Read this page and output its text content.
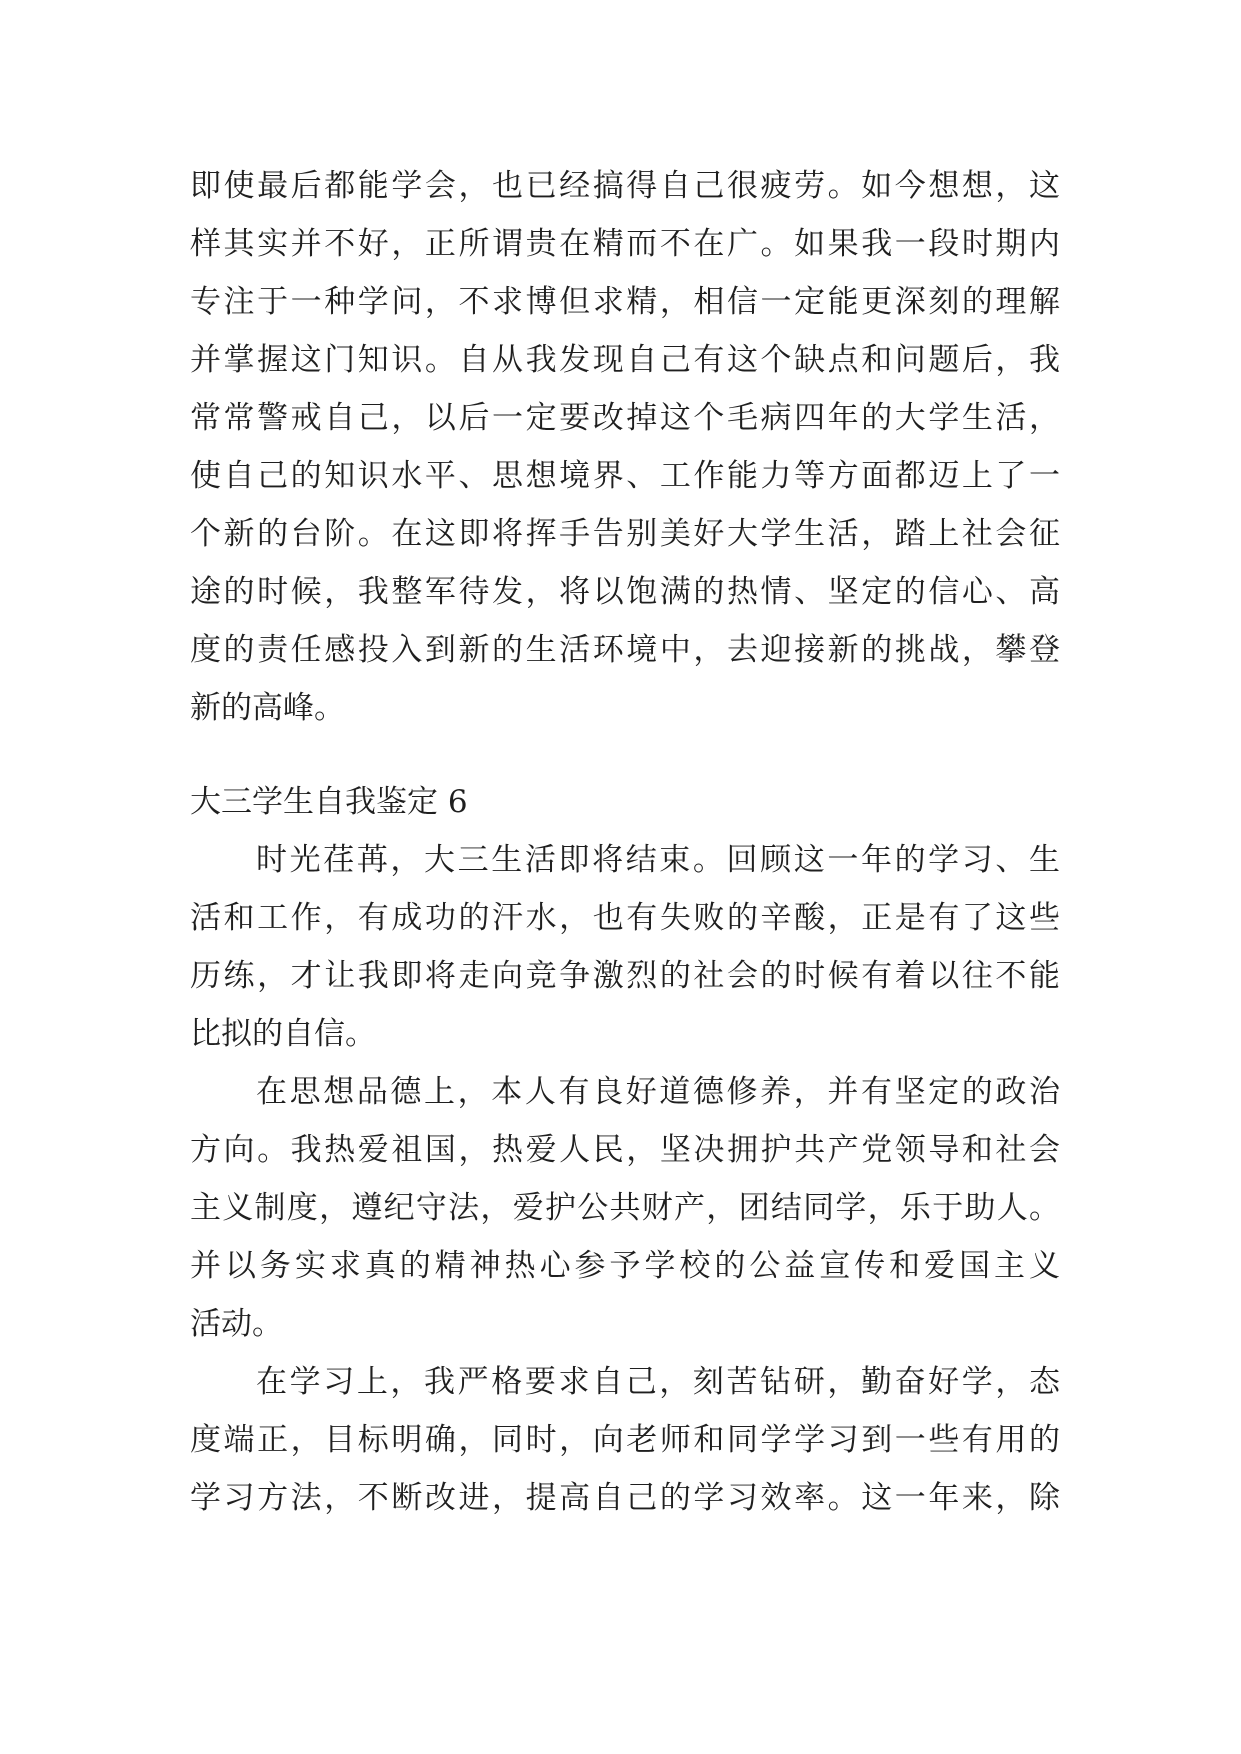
即使最后都能学会，也已经搞得自己很疲劳。如今想想，这
样其实并不好，正所谓贵在精而不在广。如果我一段时期内
专注于一种学问，不求博但求精，相信一定能更深刻的理解
并掌握这门知识。自从我发现自己有这个缺点和问题后，我
常常警戒自己，以后一定要改掉这个毛病四年的大学生活，
使自己的知识水平、思想境界、工作能力等方面都迈上了一
个新的台阶。在这即将挥手告别美好大学生活，踏上社会征
途的时候，我整军待发，将以饱满的热情、坚定的信心、高
度的责任感投入到新的生活环境中，去迎接新的挑战，攀登
新的高峰。
大三学生自我鉴定 6
时光荏苒，大三生活即将结束。回顾这一年的学习、生
活和工作，有成功的汗水，也有失败的辛酸，正是有了这些
历练，才让我即将走向竞争激烈的社会的时候有着以往不能
比拟的自信。
在思想品德上，本人有良好道德修养，并有坚定的政治
方向。我热爱祖国，热爱人民，坚决拥护共产党领导和社会
主义制度，遵纪守法，爱护公共财产，团结同学，乐于助人。
并以务实求真的精神热心参予学校的公益宣传和爱国主义
活动。
在学习上，我严格要求自己，刻苦钻研，勤奋好学，态
度端正，目标明确，同时，向老师和同学学习到一些有用的
学习方法，不断改进，提高自己的学习效率。这一年来，除
